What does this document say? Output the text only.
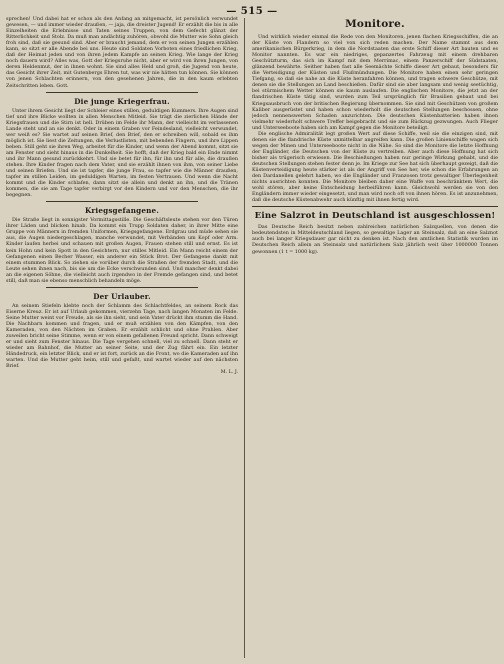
— 515 —

sprechen! Und dabei hat er schon als den Anfang an mitgemacht, ist persönlich verwundet gewesen, — und immer wieder draußen, — jaja, die dreister Jugend! Er erzählt die bis in alle Einzelheiten die Erlebnisse und Taten seines Truppen, von dem Gefecht glänzt der Ritterlichkeit und Stolz. Da muß man andächtig zuhören, obwohl die Mutter wie Sohn gleich froh sind, daß sie gesund sind. Aber er braucht jemand, dem er von seinen Jungen erzählen kann, so sitzt er alle Abende bei uns. Heute sind Soldaten Vorboten eines friedlichen Krieg, daß der Heimat jeden und von ihren jedem Kampfe an seinen Krieg. Wie lange der Krieg noch dauern wird? Alles was, Gott der Kriegsruhe nicht, aber er wird von ihren Jungen, von deren Heldenmut, der in ihnen wohnt. Sie sind alles Held und groß, die Jugend von heute, das Gesicht ihrer Zeit, mit Gutenbergs Ehren tut, was wir nie hätten tun können. Sie können von jenen Schlachten erinnern, von den gesehenen Jahren, die in den kaum erlebten Zeitschritten leben. Gott.

Die junge Kriegerfrau.

Unter ihrem Gesicht liegt der Schleier eines stillen, geduldigen Kummers. Ihre Augen sind tief und ihre Blicke wollten in allen Menschen Mitleid. Sie trägt die zierlichen Hände der Kriegsfrauen und die Stirn ist hell. Drüben im Felde ihr Mann, der vielleicht im verlassenen Lande steht und an sie denkt. Oder in einem Graben vor Feindesland, vielleicht verwundet, wer weiß es? Sie wartet auf seinen Brief, den Brief, den er schreiben will, sobald es ihm möglich ist. Sie liest die Zeitungen, die Verlustlisten, mit bebenden Fingern, und ihre Lippen beben. Still geht sie ihren Weg, arbeitet für die Kinder, und wenn der Abend kommt, sitzt sie am Fenster und sieht hinaus in die Dunkelheit. Sie hofft, daß der Krieg bald ein Ende nimmt und ihr Mann gesund zurückkehrt. Und sie betet für ihn, für ihn und für alle, die draußen stehen. Ihre Kinder fragen nach dem Vater, und sie erzählt ihnen von ihm, von seiner Liebe und seinen Briefen. Und sie ist tapfer, die junge Frau, so tapfer wie die Männer draußen, tapfer im stillen Leiden, im geduldigen Warten, im festen Vertrauen. Und wenn die Nacht kommt und die Kinder schlafen, dann sitzt sie allein und denkt an ihn, und die Tränen kommen, die sie am Tage tapfer verbirgt vor den Kindern und vor den Menschen, die ihr begegnen.

Kriegsgefangene.

Die Straße liegt in sonnigster Vormittagsstille. Die Geschäftsleute stehen vor den Türen ihrer Läden und blicken hinab. Da kommt ein Trupp Soldaten daher, in ihrer Mitte eine Gruppe von Männern in fremden Uniformen, Kriegsgefangene. Erdgrau und müde sehen sie aus, die Augen niedergeschlagen, manche verwundet, mit Verbänden um Kopf oder Arm. Kinder laufen herbei und schauen mit großen Augen, Frauen stehen still und ernst. Es ist kein Hohn und kein Spott in den Gesichtern, nur stilles Mitleid. Ein Mann reicht einem der Gefangenen einen Becher Wasser, ein anderer ein Stück Brot. Der Gefangene dankt mit einem stummen Blick. So ziehen sie vorüber durch die Straßen der fremden Stadt, und die Leute sehen ihnen nach, bis sie um die Ecke verschwunden sind. Und mancher denkt dabei an die eigenen Söhne, die vielleicht auch irgendwo in der Fremde gefangen sind, und betet still, daß man sie ebenso menschlich behandeln möge.

Der Urlauber.

An seinem Stiefeln klebte noch der Schlamm des Schlachtfeldes, an seinem Rock das Eiserne Kreuz. Er ist auf Urlaub gekommen, vierzehn Tage, nach langen Monaten im Felde. Seine Mutter weint vor Freude, als sie ihn sieht, und sein Vater drückt ihm stumm die Hand. Die Nachbarn kommen und fragen, und er muß erzählen von den Kämpfen, von den Kameraden, von den Nächten im Graben. Er erzählt schlicht und ohne Prahlen. Aber zuweilen bricht seine Stimme, wenn er von einem gefallenen Freund spricht. Dann schweigt er und sieht zum Fenster hinaus. Die Tage vergehen schnell, viel zu schnell. Dann steht er wieder am Bahnhof, die Mutter an seiner Seite, und der Zug fährt ein. Ein letzter Händedruck, ein letzter Blick, und er ist fort, zurück an die Front, wo die Kameraden auf ihn warten. Und die Mutter geht heim, still und gefaßt, und wartet wieder auf den nächsten Brief.

M. L. J.
Monitore.

Und wirklich wieder einmal die Rede von den Monitoren, jenen flachen Kriegsschiffen, die an der Küste von Flandern so viel von sich reden machen. Der Name stammt aus dem amerikanischen Bürgerkrieg, in dem die Nordstaaten das erste Schiff dieser Art bauten und es Monitor nannten. Es war ein niedriges, gepanzertes Fahrzeug mit einem drehbaren Geschützturm, das sich im Kampf mit dem Merrimac, einem Panzerschiff der Südstaaten, glänzend bewährte. Seither haben fast alle Seemächte Schiffe dieser Art gebaut, besonders für die Verteidigung der Küsten und Flußmündungen. Die Monitore haben einen sehr geringen Tiefgang, so daß sie nahe an die Küste heranfahren können, und tragen schwere Geschütze, mit denen sie die Stellungen an Land beschießen. Dafür sind sie aber langsam und wenig seetüchtig, bei stürmischem Wetter können sie kaum auslaufen. Die englischen Monitore, die jetzt an der flandrischen Küste tätig sind, wurden zum Teil ursprünglich für Brasilien gebaut und bei Kriegsausbruch von der britischen Regierung übernommen. Sie sind mit Geschützen von großem Kaliber ausgerüstet und haben schon wiederholt die deutschen Stellungen beschossen, ohne jedoch nennenswerten Schaden anzurichten. Die deutschen Küstenbatterien haben ihnen vielmehr wiederholt schwere Treffer beigebracht und sie zum Rückzug gezwungen. Auch Flieger und Unterseeboote haben sich am Kampf gegen die Monitore beteiligt.

Die englische Admiralität legt großen Wert auf diese Schiffe, weil sie die einzigen sind, mit denen sie die flandrische Küste unmittelbar angreifen kann. Die großen Linienschiffe wagen sich wegen der Minen und Unterseeboote nicht in die Nähe. So sind die Monitore die letzte Hoffnung der Engländer, die Deutschen von der Küste zu vertreiben. Aber auch diese Hoffnung hat sich bisher als trügerisch erwiesen. Die Beschießungen haben nur geringe Wirkung gehabt, und die deutschen Stellungen stehen fester denn je. Im Kriege zur See hat sich überhaupt gezeigt, daß die Küstenverteidigung heute stärker ist als der Angriff von See her, wie schon die Erfahrungen an den Dardanellen gelehrt haben, wo die Engländer und Franzosen trotz gewaltiger Überlegenheit nichts ausrichten konnten. Die Monitore bleiben daher eine Waffe von beschränktem Wert, die wohl stören, aber keine Entscheidung herbeiführen kann. Gleichwohl werden sie von den Engländern immer wieder eingesetzt, und man wird noch oft von ihnen hören. Es ist anzunehmen, daß die deutsche Küstenabwehr auch künftig mit ihnen fertig wird.

Eine Salzrot in Deutschland ist ausgeschlossen!

Das Deutsche Reich besitzt neben zahlreichen natürlichen Salzquellen, von denen die bedeutendsten in Mitteldeutschland liegen, so gewaltige Lager an Steinsalz, daß an eine Salznot auch bei langer Kriegsdauer gar nicht zu denken ist. Nach den amtlichen Statistik wurden im Deutschen Reich allein an Steinsalz und natürlichem Salz jährlich weit über 1000000 Tonnen gewonnen (1 t = 1000 kg).
